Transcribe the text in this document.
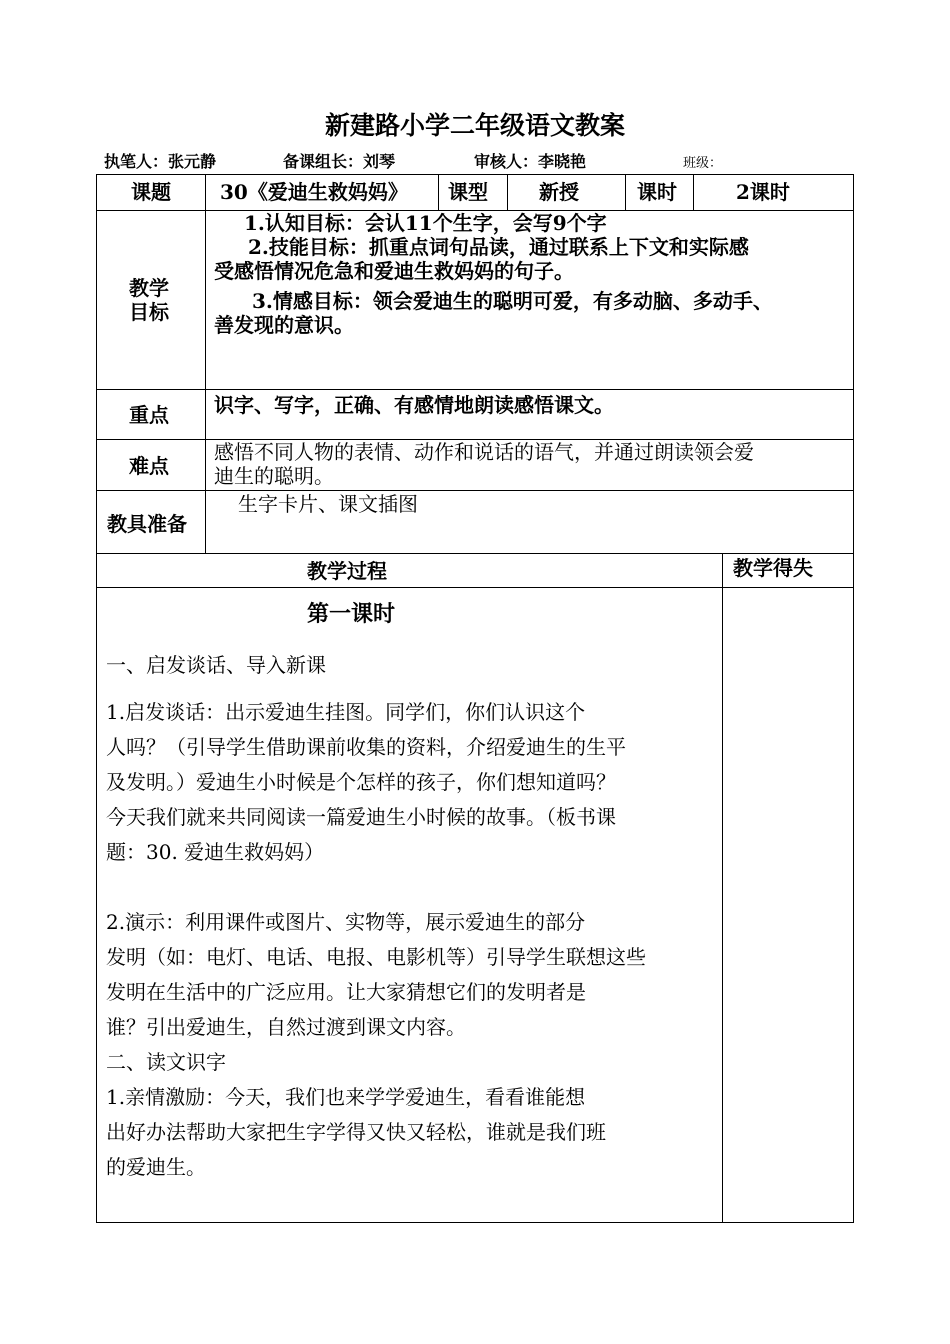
新建路小学二年级语文教案
执笔人：张元静	备课组长：刘琴	审核人：李晓艳	班级：
课题 30《爱迪生救妈妈》 课型	新授	课时	2课时
教学
目标
1.认知目标：会认11个生字，会写9个字
2.技能目标：抓重点词句品读，通过联系上下文和实际感
受感悟情况危急和爱迪生救妈妈的句子。
3.情感目标：领会爱迪生的聪明可爱，有多动脑、多动手、
善发现的意识。
重点 识字、写字，正确、有感情地朗读感悟课文。
难点
感悟不同人物的表情、动作和说话的语气，并通过朗读领会爱
迪生的聪明。
教具准备
生字卡片、课文插图
教学过程	教学得失
第一课时

一、启发谈话、导入新课

1.启发谈话：出示爱迪生挂图。同学们，你们认识这个

人吗？（引导学生借助课前收集的资料，介绍爱迪生的生平

及发明。）爱迪生小时候是个怎样的孩子，你们想知道吗？

今天我们就来共同阅读一篇爱迪生小时候的故事。（板书课

题：30. 爱迪生救妈妈）

2.演示：利用课件或图片、实物等，展示爱迪生的部分

发明（如：电灯、电话、电报、电影机等）引导学生联想这些

发明在生活中的广泛应用。让大家猜想它们的发明者是

谁？引出爱迪生，自然过渡到课文内容。

二、读文识字

1.亲情激励：今天，我们也来学学爱迪生，看看谁能想

出好办法帮助大家把生字学得又快又轻松，谁就是我们班

的爱迪生。
